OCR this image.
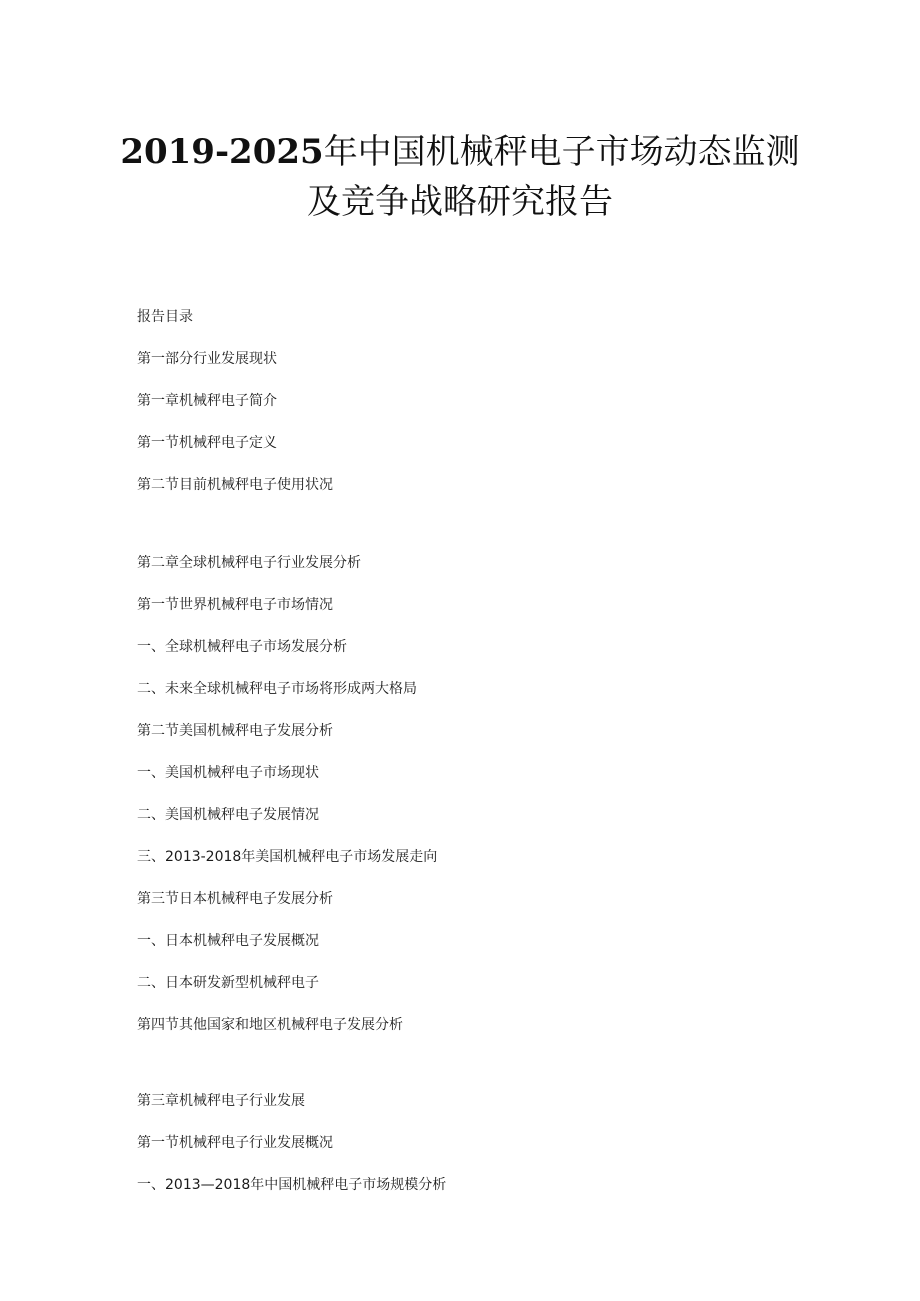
2019-2025年中国机械秤电子市场动态监测
及竞争战略研究报告
报告目录
第一部分行业发展现状
第一章机械秤电子简介
第一节机械秤电子定义
第二节目前机械秤电子使用状况
第二章全球机械秤电子行业发展分析
第一节世界机械秤电子市场情况
一、全球机械秤电子市场发展分析
二、未来全球机械秤电子市场将形成两大格局
第二节美国机械秤电子发展分析
一、美国机械秤电子市场现状
二、美国机械秤电子发展情况
三、2013-2018年美国机械秤电子市场发展走向
第三节日本机械秤电子发展分析
一、日本机械秤电子发展概况
二、日本研发新型机械秤电子
第四节其他国家和地区机械秤电子发展分析
第三章机械秤电子行业发展
第一节机械秤电子行业发展概况
一、2013—2018年中国机械秤电子市场规模分析
